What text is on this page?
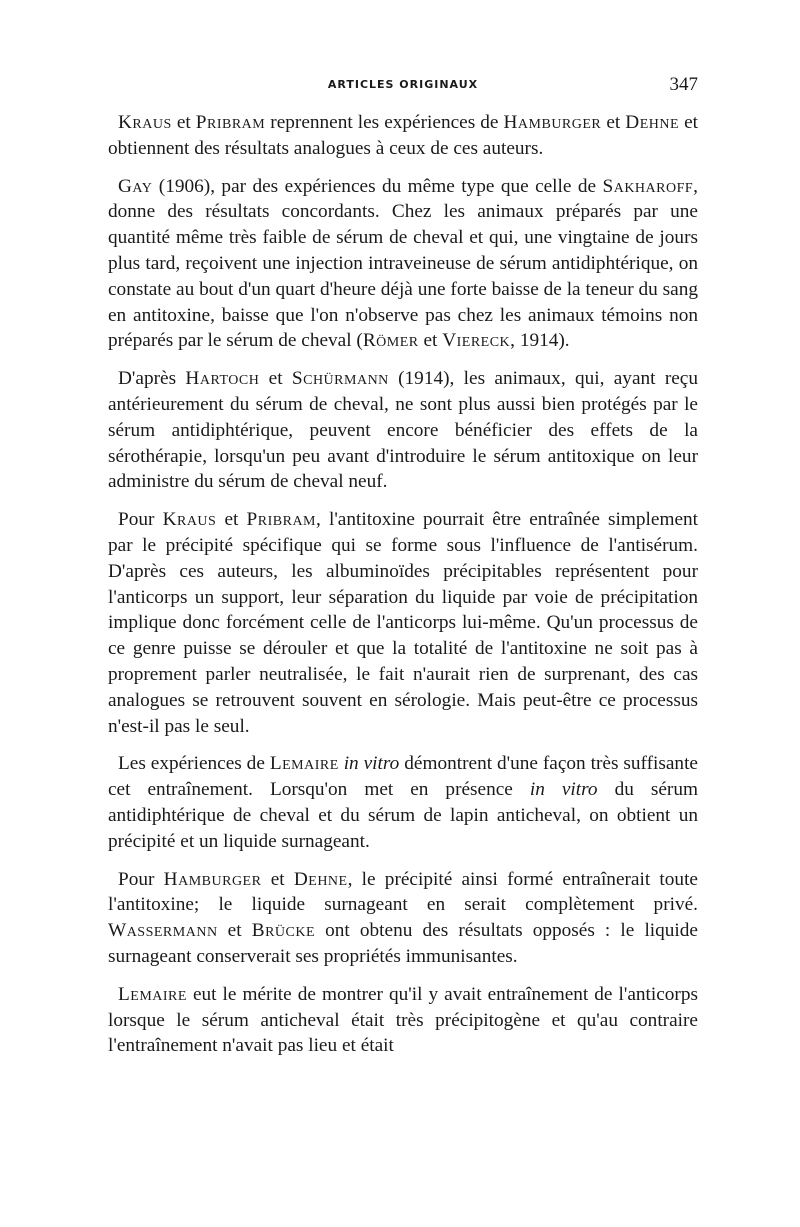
ARTICLES ORIGINAUX	347

Kraus et Pribram reprennent les expériences de Hamburger et Dehne et obtiennent des résultats analogues à ceux de ces auteurs.

Gay (1906), par des expériences du même type que celle de Sakharoff, donne des résultats concordants. Chez les animaux préparés par une quantité même très faible de sérum de cheval et qui, une vingtaine de jours plus tard, reçoivent une injection intraveineuse de sérum antidiphtérique, on constate au bout d'un quart d'heure déjà une forte baisse de la teneur du sang en antitoxine, baisse que l'on n'observe pas chez les animaux témoins non préparés par le sérum de cheval (Römer et Viereck, 1914).

D'après Hartoch et Schürmann (1914), les animaux, qui, ayant reçu antérieurement du sérum de cheval, ne sont plus aussi bien protégés par le sérum antidiphtérique, peuvent encore bénéficier des effets de la sérothérapie, lorsqu'un peu avant d'introduire le sérum antitoxique on leur administre du sérum de cheval neuf.

Pour Kraus et Pribram, l'antitoxine pourrait être entraînée simplement par le précipité spécifique qui se forme sous l'influence de l'antisérum. D'après ces auteurs, les albuminoïdes précipitables représentent pour l'anticorps un support, leur séparation du liquide par voie de précipitation implique donc forcément celle de l'anticorps lui-même. Qu'un processus de ce genre puisse se dérouler et que la totalité de l'antitoxine ne soit pas à proprement parler neutralisée, le fait n'aurait rien de surprenant, des cas analogues se retrouvent souvent en sérologie. Mais peut-être ce processus n'est-il pas le seul.

Les expériences de Lemaire in vitro démontrent d'une façon très suffisante cet entraînement. Lorsqu'on met en présence in vitro du sérum antidiphtérique de cheval et du sérum de lapin anticheval, on obtient un précipité et un liquide surnageant.

Pour Hamburger et Dehne, le précipité ainsi formé entraînerait toute l'antitoxine; le liquide surnageant en serait complètement privé. Wassermann et Brücke ont obtenu des résultats opposés : le liquide surnageant conserverait ses propriétés immunisantes.

Lemaire eut le mérite de montrer qu'il y avait entraînement de l'anticorps lorsque le sérum anticheval était très précipitogène et qu'au contraire l'entraînement n'avait pas lieu et était
